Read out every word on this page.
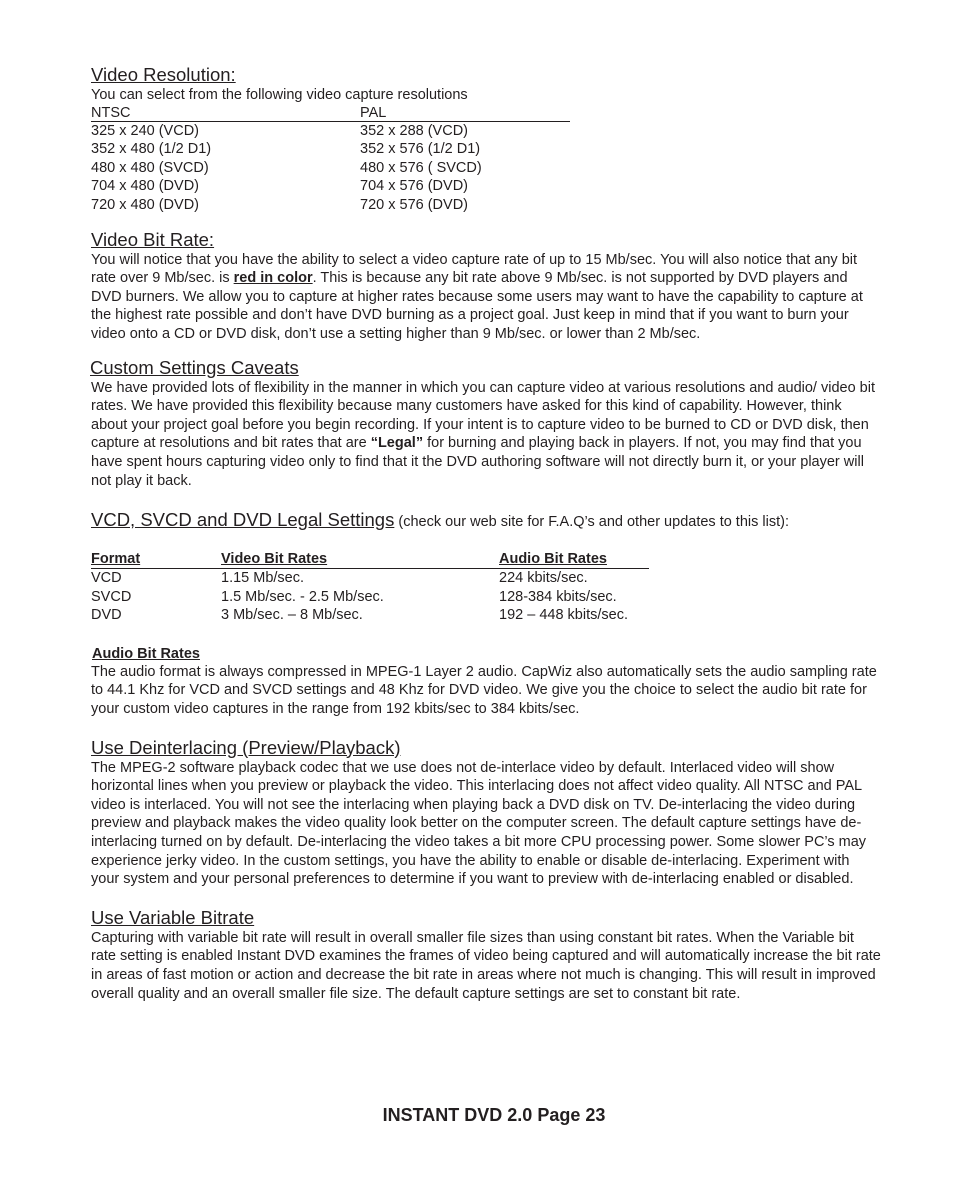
Video Resolution:
You can select from the following video capture resolutions
NTSC	PAL
325 x 240 (VCD)	352 x 288 (VCD)
352 x 480 (1/2 D1)	352 x 576 (1/2 D1)
480 x 480 (SVCD)	480 x 576 ( SVCD)
704 x 480 (DVD)	704 x 576 (DVD)
720 x 480 (DVD)	720 x 576 (DVD)
Video Bit Rate:

You will notice that you have the ability to select a video capture rate of up to 15 Mb/sec. You will also notice that any bit rate over 9 Mb/sec. is red in color. This is because any bit rate above 9 Mb/sec. is not supported by DVD players and DVD burners. We allow you to capture at higher rates because some users may want to have the capability to capture at the highest rate possible and don’t have DVD burning as a project goal. Just keep in mind that if you want to burn your video onto a CD or DVD disk, don’t use a setting higher than 9 Mb/sec. or lower than 2 Mb/sec.

Custom Settings Caveats

We have provided lots of flexibility in the manner in which you can capture video at various resolutions and audio/ video bit rates. We have provided this flexibility because many customers have asked for this kind of capability. However, think about your project goal before you begin recording. If your intent is to capture video to be burned to CD or DVD disk, then capture at resolutions and bit rates that are “Legal” for burning and playing back in players. If not, you may find that you have spent hours capturing video only to find that it the DVD authoring software will not directly burn it, or your player will not play it back.

VCD, SVCD and DVD Legal Settings (check our web site for F.A.Q’s and other updates to this list):
Format	Video Bit Rates	Audio Bit Rates
VCD	1.15 Mb/sec.	224 kbits/sec.
SVCD	1.5 Mb/sec. - 2.5 Mb/sec.	128-384 kbits/sec.
DVD	3 Mb/sec. – 8 Mb/sec.	192 – 448 kbits/sec.
Audio Bit Rates

The audio format is always compressed in MPEG-1 Layer 2 audio. CapWiz also automatically sets the audio sampling rate to 44.1 Khz for VCD and SVCD settings and 48 Khz for DVD video. We give you the choice to select the audio bit rate for your custom video captures in the range from 192 kbits/sec to 384 kbits/sec.

Use Deinterlacing (Preview/Playback)

The MPEG-2 software playback codec that we use does not de-interlace video by default. Interlaced video will show horizontal lines when you preview or playback the video. This interlacing does not affect video quality. All NTSC and PAL video is interlaced. You will not see the interlacing when playing back a DVD disk on TV. De-interlacing the video during preview and playback makes the video quality look better on the computer screen. The default capture settings have de-interlacing turned on by default. De-interlacing the video takes a bit more CPU processing power. Some slower PC’s may experience jerky video. In the custom settings, you have the ability to enable or disable de-interlacing. Experiment with your system and your personal preferences to determine if you want to preview with de-interlacing enabled or disabled.

Use Variable Bitrate

Capturing with variable bit rate will result in overall smaller file sizes than using constant bit rates. When the Variable bit rate setting is enabled Instant DVD examines the frames of video being captured and will automatically increase the bit rate in areas of fast motion or action and decrease the bit rate in areas where not much is changing. This will result in improved overall quality and an overall smaller file size. The default capture settings are set to constant bit rate.

INSTANT DVD 2.0 Page 23
